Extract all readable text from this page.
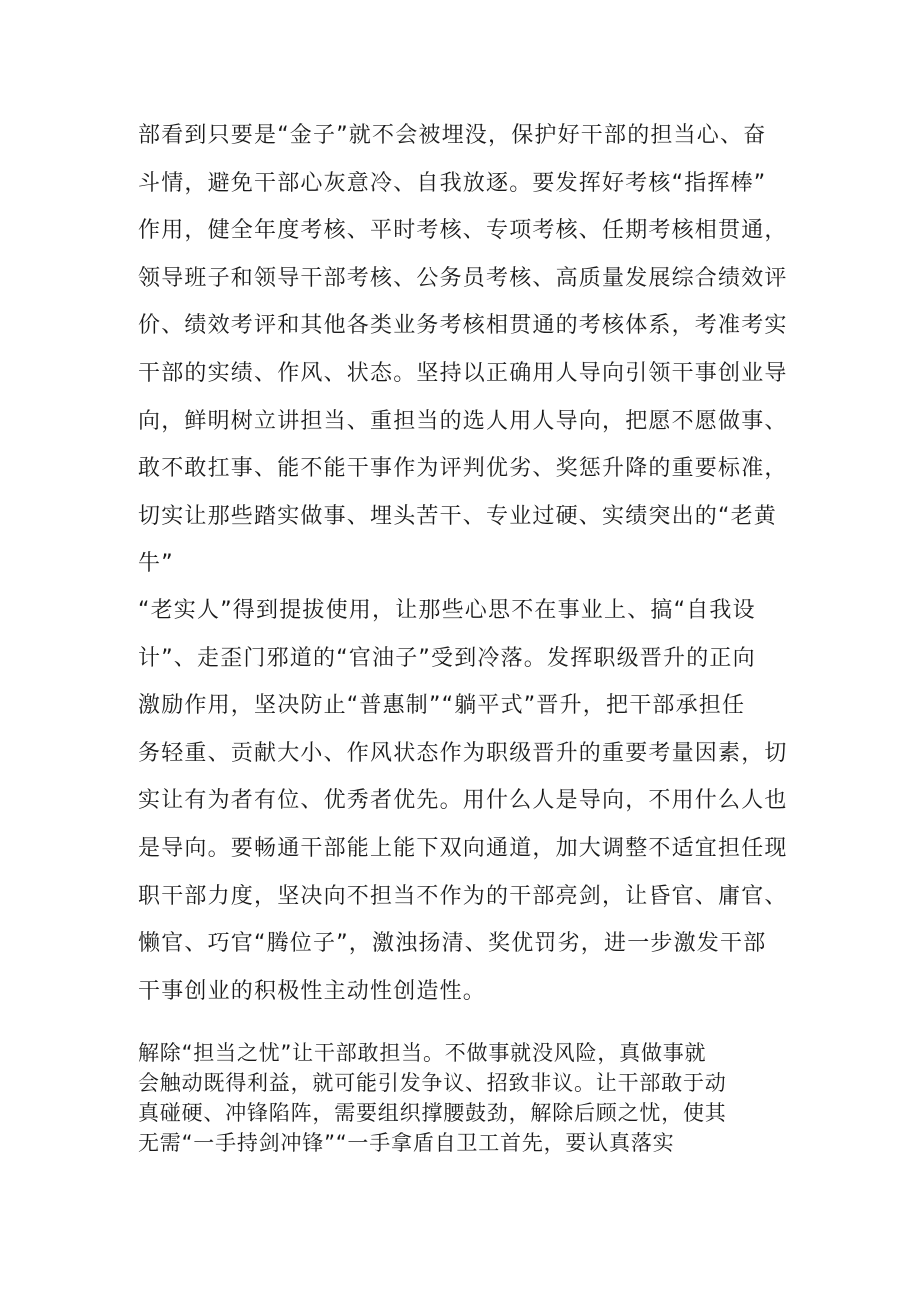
部看到只要是“金子”就不会被埋没，保护好干部的担当心、奋
斗情，避免干部心灰意冷、自我放逐。要发挥好考核“指挥棒”
作用，健全年度考核、平时考核、专项考核、任期考核相贯通，
领导班子和领导干部考核、公务员考核、高质量发展综合绩效评
价、绩效考评和其他各类业务考核相贯通的考核体系，考准考实
干部的实绩、作风、状态。坚持以正确用人导向引领干事创业导
向，鲜明树立讲担当、重担当的选人用人导向，把愿不愿做事、
敢不敢扛事、能不能干事作为评判优劣、奖惩升降的重要标准，
切实让那些踏实做事、埋头苦干、专业过硬、实绩突出的“老黄
牛”
“老实人”得到提拔使用，让那些心思不在事业上、搞“自我设
计”、走歪门邪道的“官油子”受到冷落。发挥职级晋升的正向
激励作用，坚决防止“普惠制”“躺平式”晋升，把干部承担任
务轻重、贡献大小、作风状态作为职级晋升的重要考量因素，切
实让有为者有位、优秀者优先。用什么人是导向，不用什么人也
是导向。要畅通干部能上能下双向通道，加大调整不适宜担任现
职干部力度，坚决向不担当不作为的干部亮剑，让昏官、庸官、
懒官、巧官“腾位子”，激浊扬清、奖优罚劣，进一步激发干部
干事创业的积极性主动性创造性。
解除“担当之忧”让干部敢担当。不做事就没风险，真做事就
会触动既得利益，就可能引发争议、招致非议。让干部敢于动
真碰硬、冲锋陷阵，需要组织撑腰鼓劲，解除后顾之忧，使其
无需“一手持剑冲锋”“一手拿盾自卫工首先，要认真落实
